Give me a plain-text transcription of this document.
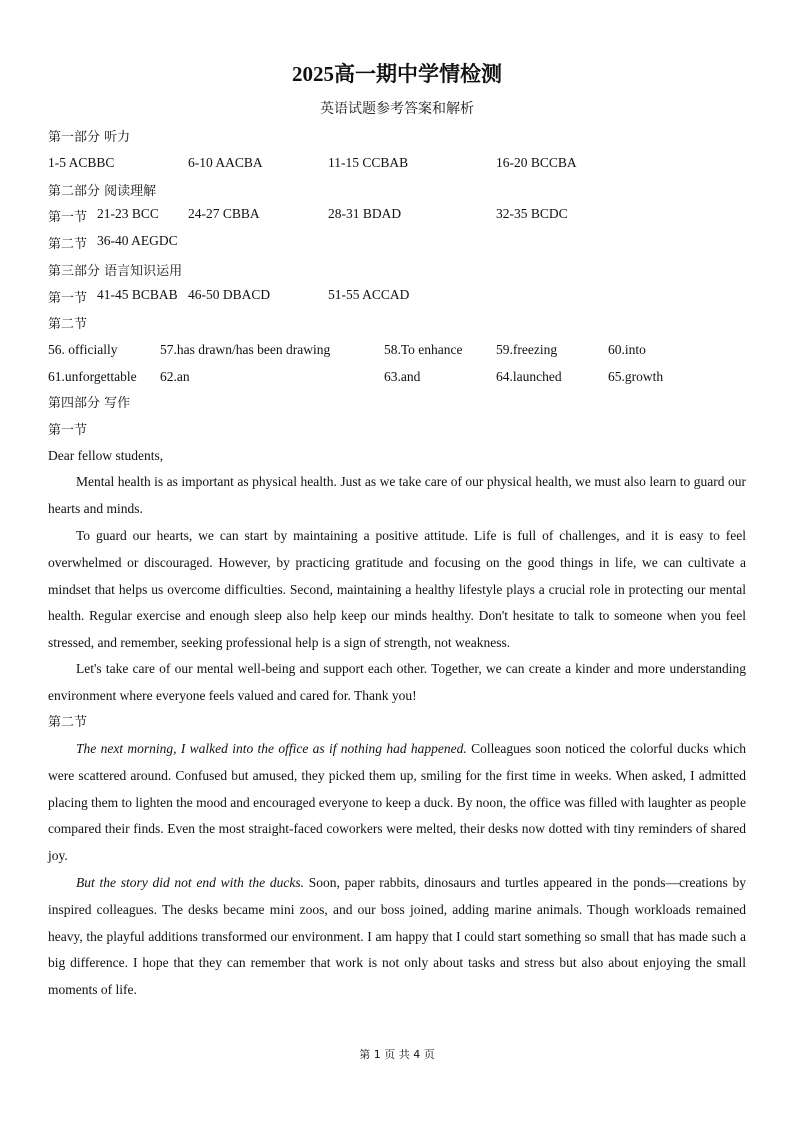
2025高一期中学情检测
英语试题参考答案和解析
第一部分 听力
1-5 ACBBC	6-10 AACBA	11-15 CCBAB	16-20 BCCBA
第二部分 阅读理解
第一节 21-23 BCC 24-27 CBBA	28-31 BDAD	32-35 BCDC
第二节 36-40 AEGDC
第三部分 语言知识运用
第一节 41-45 BCBAB 46-50 DBACD	51-55 ACCAD
第二节
56. officially	57.has drawn/has been drawing	58.To enhance 59.freezing	60.into
61.unforgettable 62.an	63.and	64.launched	65.growth
第四部分 写作
第一节
Dear fellow students,

Mental health is as important as physical health. Just as we take care of our physical health, we must also learn to guard our hearts and minds.

To guard our hearts, we can start by maintaining a positive attitude. Life is full of challenges, and it is easy to feel overwhelmed or discouraged. However, by practicing gratitude and focusing on the good things in life, we can cultivate a mindset that helps us overcome difficulties. Second, maintaining a healthy lifestyle plays a crucial role in protecting our mental health. Regular exercise and enough sleep also help keep our minds healthy. Don't hesitate to talk to someone when you feel stressed, and remember, seeking professional help is a sign of strength, not weakness.

Let's take care of our mental well-being and support each other. Together, we can create a kinder and more understanding environment where everyone feels valued and cared for. Thank you!

第二节

The next morning, I walked into the office as if nothing had happened. Colleagues soon noticed the colorful ducks which were scattered around. Confused but amused, they picked them up, smiling for the first time in weeks. When asked, I admitted placing them to lighten the mood and encouraged everyone to keep a duck. By noon, the office was filled with laughter as people compared their finds. Even the most straight-faced coworkers were melted, their desks now dotted with tiny reminders of shared joy.

But the story did not end with the ducks. Soon, paper rabbits, dinosaurs and turtles appeared in the ponds—creations by inspired colleagues. The desks became mini zoos, and our boss joined, adding marine animals. Though workloads remained heavy, the playful additions transformed our environment. I am happy that I could start something so small that has made such a big difference. I hope that they can remember that work is not only about tasks and stress but also about enjoying the small moments of life.

第 1 页 共 4 页
